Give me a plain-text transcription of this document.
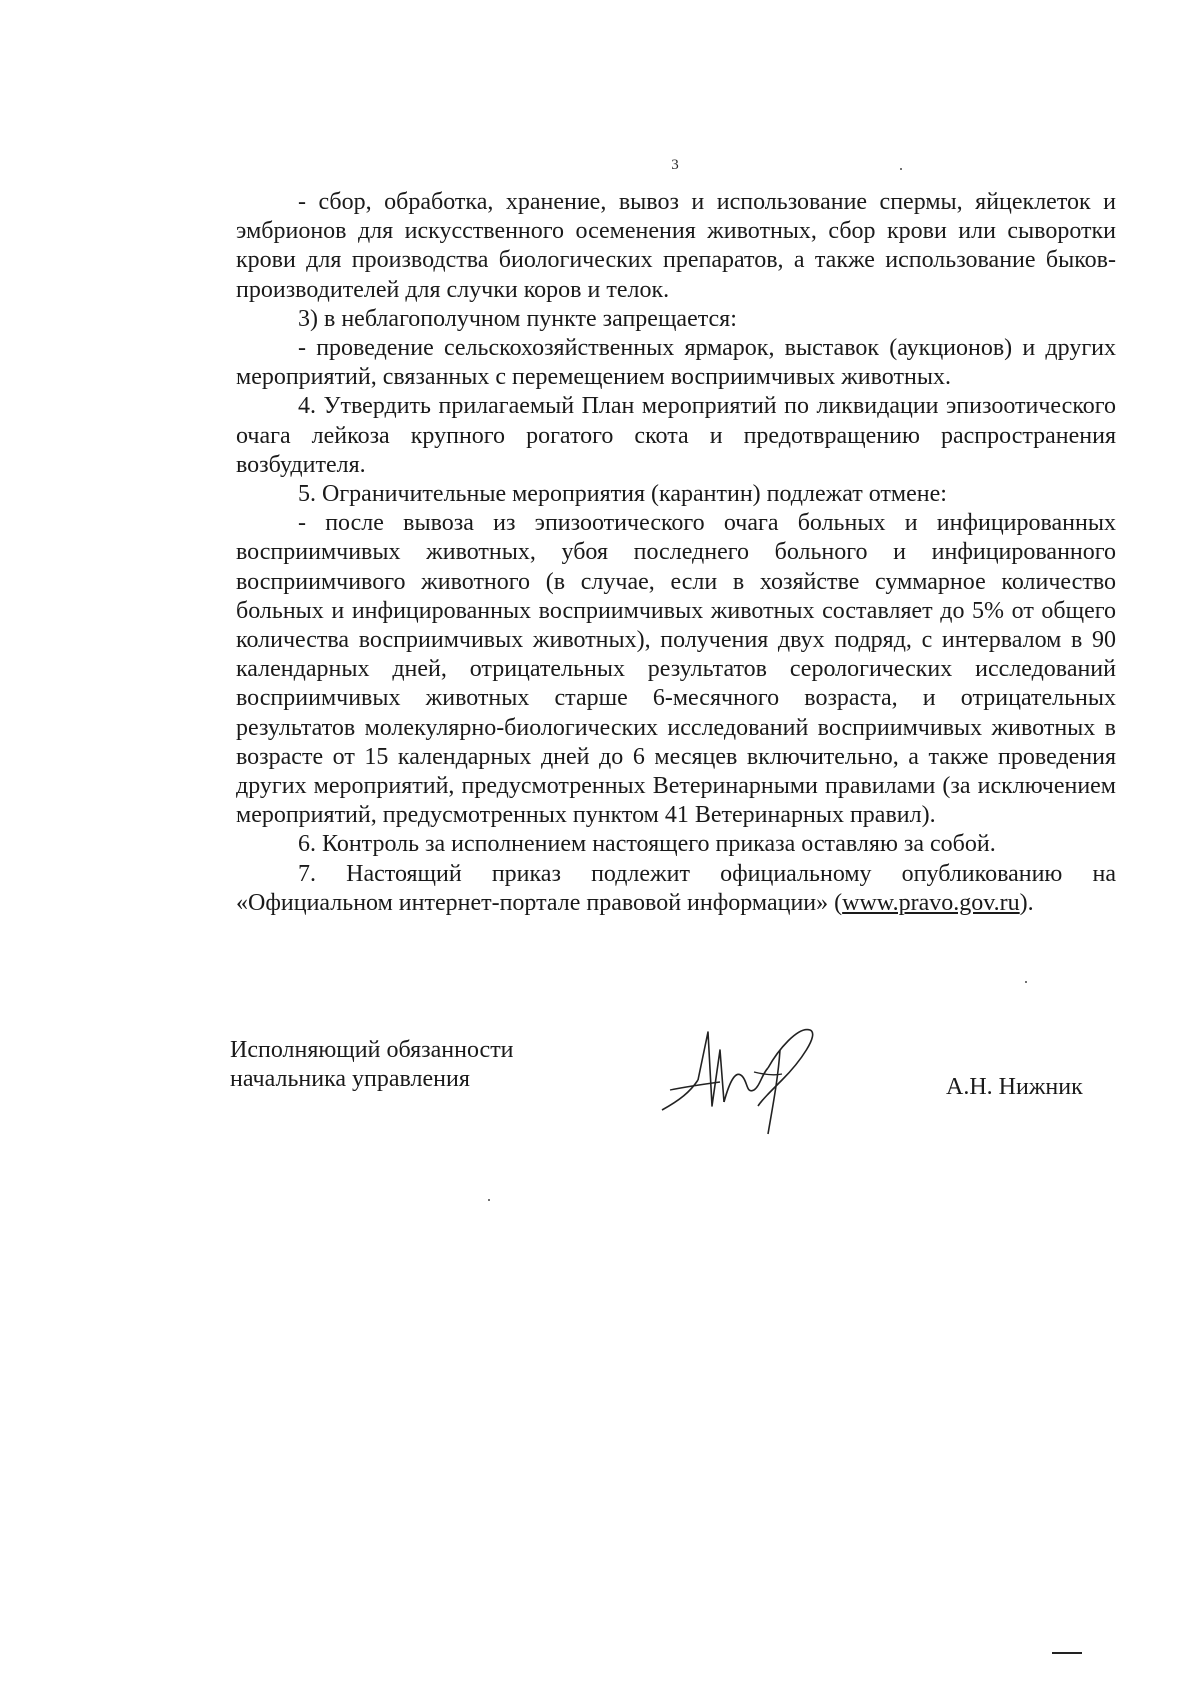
3

- сбор, обработка, хранение, вывоз и использование спермы, яйцеклеток и эмбрионов для искусственного осеменения животных, сбор крови или сыворотки крови для производства биологических препаратов, а также использование быков-производителей для случки коров и телок.

3) в неблагополучном пункте запрещается:

- проведение сельскохозяйственных ярмарок, выставок (аукционов) и других мероприятий, связанных с перемещением восприимчивых животных.

4. Утвердить прилагаемый План мероприятий по ликвидации эпизоотического очага лейкоза крупного рогатого скота и предотвращению распространения возбудителя.

5. Ограничительные мероприятия (карантин) подлежат отмене:

- после вывоза из эпизоотического очага больных и инфицированных восприимчивых животных, убоя последнего больного и инфицированного восприимчивого животного (в случае, если в хозяйстве суммарное количество больных и инфицированных восприимчивых животных составляет до 5% от общего количества восприимчивых животных), получения двух подряд, с интервалом в 90 календарных дней, отрицательных результатов серологических исследований восприимчивых животных старше 6-месячного возраста, и отрицательных результатов молекулярно-биологических исследований восприимчивых животных в возрасте от 15 календарных дней до 6 месяцев включительно, а также проведения других мероприятий, предусмотренных Ветеринарными правилами (за исключением мероприятий, предусмотренных пунктом 41 Ветеринарных правил).

6. Контроль за исполнением настоящего приказа оставляю за собой.

7. Настоящий приказ подлежит официальному опубликованию на «Официальном интернет-портале правовой информации» (www.pravo.gov.ru).

Исполняющий обязанности
начальника управления	А.Н. Нижник
